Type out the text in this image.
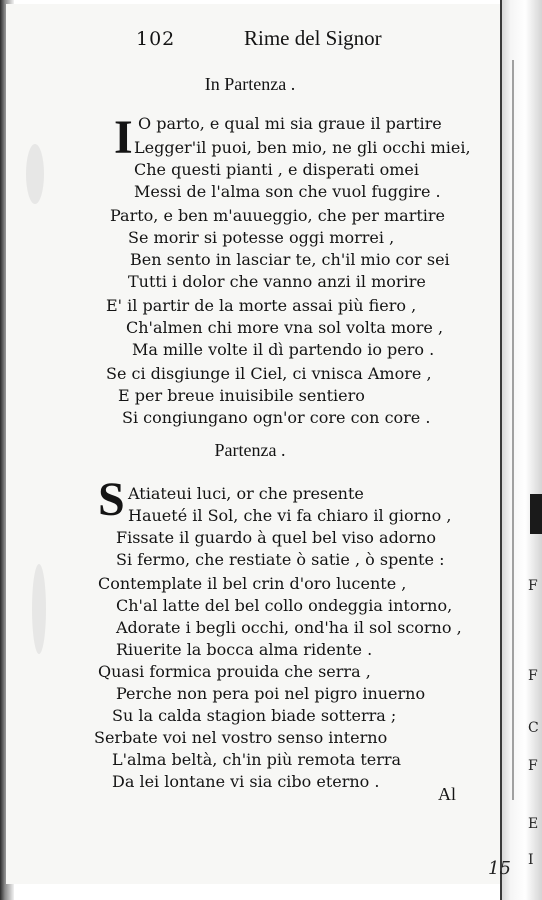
102	Rime del Signor
In Partenza .
I O parto, e qual mi sia graue il partire
Legger'il puoi, ben mio, ne gli occhi miei,
Che questi pianti , e disperati omei
Messi de l'alma son che vuol fuggire .
Parto, e ben m'auueggio, che per martire
Se morir si potesse oggi morrei ,
Ben sento in lasciar te, ch'il mio cor sei
Tutti i dolor che vanno anzi il morire
E' il partir de la morte assai più fiero ,
Ch'almen chi more vna sol volta more ,
Ma mille volte il dì partendo io pero .
Se ci disgiunge il Ciel, ci vnisca Amore ,
E per breue inuisibile sentiero
Si congiungano ogn'or core con core .
Partenza .
S Atiateui luci, or che presente
Haueté il Sol, che vi fa chiaro il giorno ,
Fissate il guardo à quel bel viso adorno
Si fermo, che restiate ò satie , ò spente :
Contemplate il bel crin d'oro lucente ,
Ch'al latte del bel collo ondeggia intorno,
Adorate i begli occhi, ond'ha il sol scorno ,
Riuerite la bocca alma ridente .
Quasi formica prouida che serra ,
Perche non pera poi nel pigro inuerno
Su la calda stagion biade sotterra ;
Serbate voi nel vostro senso interno
L'alma beltà, ch'in più remota terra
Da lei lontane vi sia cibo eterno .
Al
F
F
C
F
E
I
15
